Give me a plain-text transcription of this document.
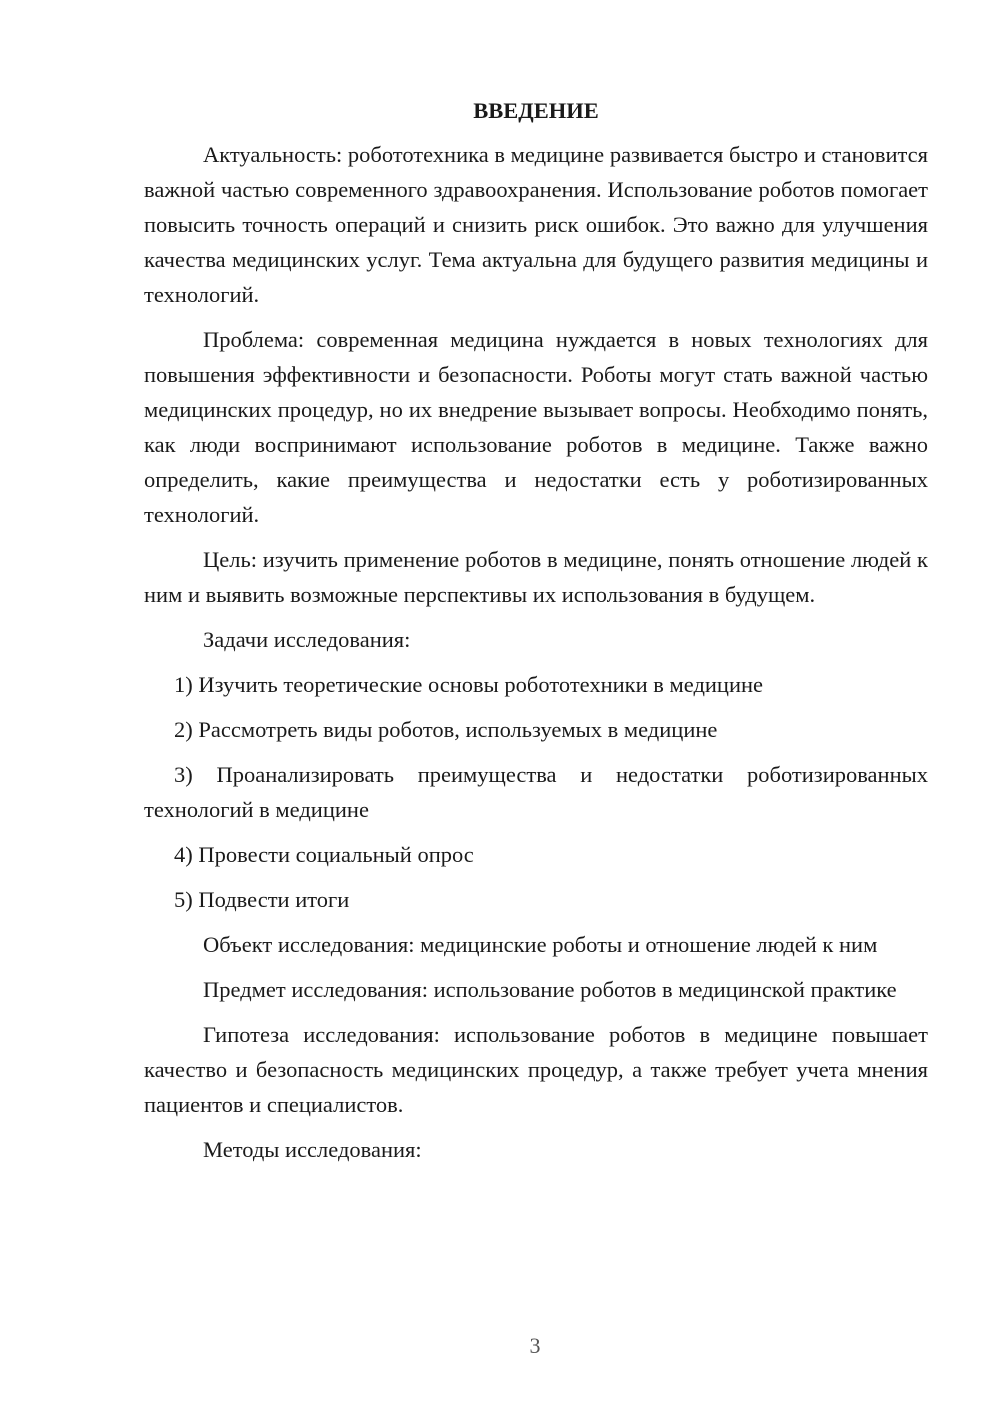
ВВЕДЕНИЕ

Актуальность: робототехника в медицине развивается быстро и становится важной частью современного здравоохранения. Использование роботов помогает повысить точность операций и снизить риск ошибок. Это важно для улучшения качества медицинских услуг. Тема актуальна для будущего развития медицины и технологий.

Проблема: современная медицина нуждается в новых технологиях для повышения эффективности и безопасности. Роботы могут стать важной частью медицинских процедур, но их внедрение вызывает вопросы. Необходимо понять, как люди воспринимают использование роботов в медицине. Также важно определить, какие преимущества и недостатки есть у роботизированных технологий.

Цель: изучить применение роботов в медицине, понять отношение людей к ним и выявить возможные перспективы их использования в будущем.

Задачи исследования:

1) Изучить теоретические основы робототехники в медицине

2) Рассмотреть виды роботов, используемых в медицине

3) Проанализировать преимущества и недостатки роботизированных технологий в медицине

4) Провести социальный опрос

5) Подвести итоги

Объект исследования: медицинские роботы и отношение людей к ним

Предмет исследования: использование роботов в медицинской практике

Гипотеза исследования: использование роботов в медицине повышает качество и безопасность медицинских процедур, а также требует учета мнения пациентов и специалистов.

Методы исследования:

3
